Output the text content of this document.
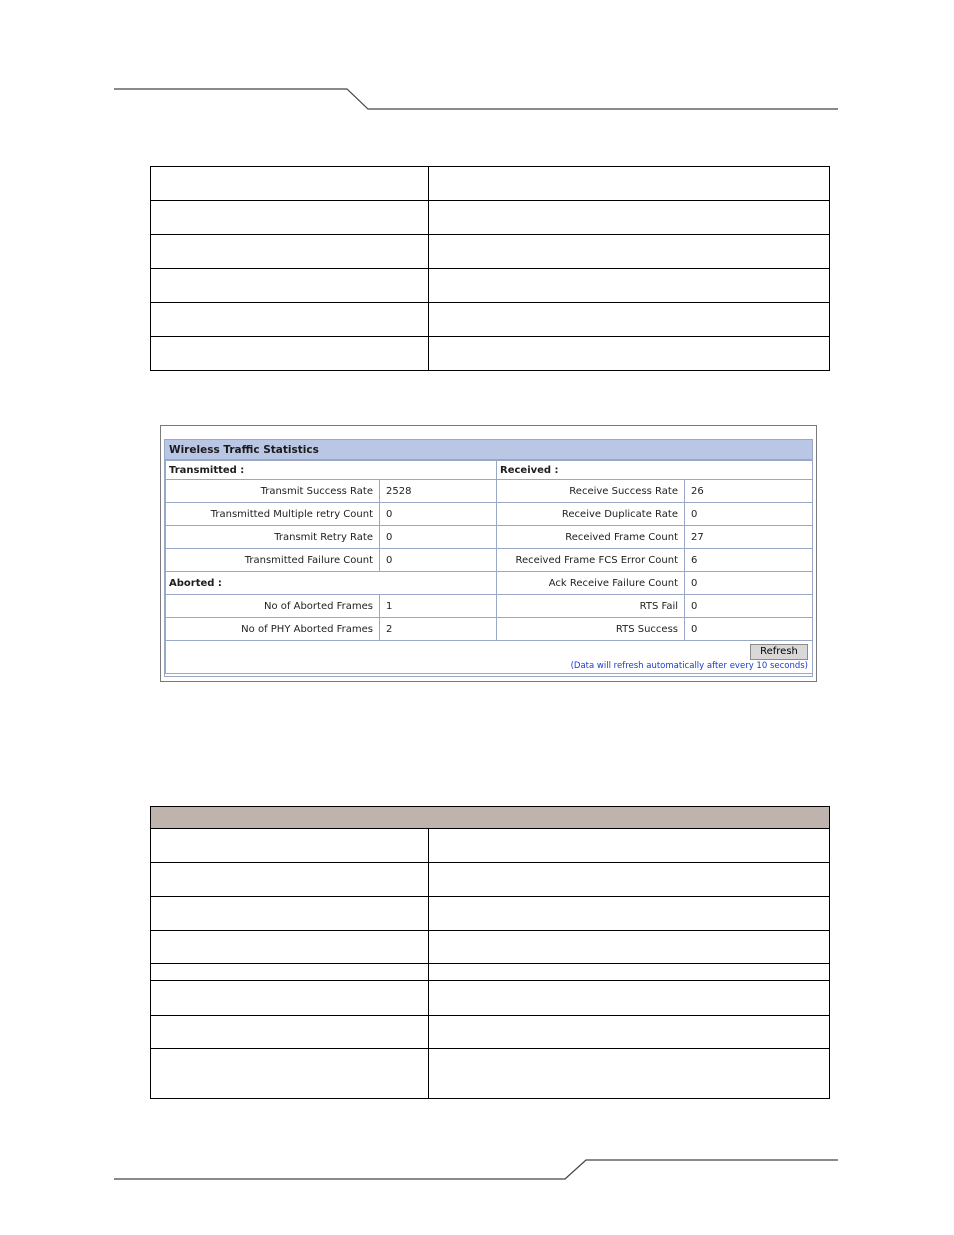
Wireless Traffic Statistics
Transmitted :		Received :	
Transmit Success Rate	2528	Receive Success Rate	26
Transmitted Multiple retry Count	0	Receive Duplicate Rate	0
Transmit Retry Rate	0	Received Frame Count	27
Transmitted Failure Count	0	Received Frame FCS Error Count	6
Aborted :		Ack Receive Failure Count	0
No of Aborted Frames	1	RTS Fail	0
No of PHY Aborted Frames	2	RTS Success	0

Refresh
(Data will refresh automatically after every 10 seconds)			
